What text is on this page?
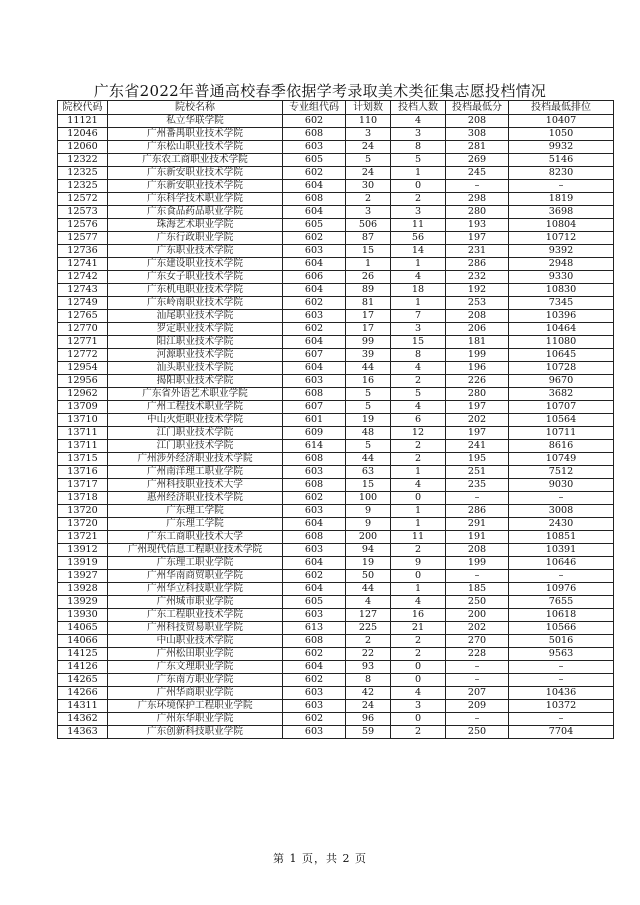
广东省2022年普通高校春季依据学考录取美术类征集志愿投档情况
院校代码	院校名称	专业组代码	计划数	投档人数	投档最低分	投档最低排位
11121	私立华联学院	602	110	4	208	10407
12046	广州番禺职业技术学院	608	3	3	308	1050
12060	广东松山职业技术学院	603	24	8	281	9932
12322	广东农工商职业技术学院	605	5	5	269	5146
12325	广东新安职业技术学院	602	24	1	245	8230
12325	广东新安职业技术学院	604	30	0	–	–
12572	广东科学技术职业学院	608	2	2	298	1819
12573	广东食品药品职业学院	604	3	3	280	3698
12576	珠海艺术职业学院	605	506	11	193	10804
12577	广东行政职业学院	602	87	56	197	10712
12736	广东职业技术学院	603	15	14	231	9392
12741	广东建设职业技术学院	604	1	1	286	2948
12742	广东女子职业技术学院	606	26	4	232	9330
12743	广东机电职业技术学院	604	89	18	192	10830
12749	广东岭南职业技术学院	602	81	1	253	7345
12765	汕尾职业技术学院	603	17	7	208	10396
12770	罗定职业技术学院	602	17	3	206	10464
12771	阳江职业技术学院	604	99	15	181	11080
12772	河源职业技术学院	607	39	8	199	10645
12954	汕头职业技术学院	604	44	4	196	10728
12956	揭阳职业技术学院	603	16	2	226	9670
12962	广东省外语艺术职业学院	608	5	5	280	3682
13709	广州工程技术职业学院	607	5	4	197	10707
13710	中山火炬职业技术学院	601	19	6	202	10564
13711	江门职业技术学院	609	48	12	197	10711
13711	江门职业技术学院	614	5	2	241	8616
13715	广州涉外经济职业技术学院	608	44	2	195	10749
13716	广州南洋理工职业学院	603	63	1	251	7512
13717	广州科技职业技术大学	608	15	4	235	9030
13718	惠州经济职业技术学院	602	100	0	–	–
13720	广东理工学院	603	9	1	286	3008
13720	广东理工学院	604	9	1	291	2430
13721	广东工商职业技术大学	608	200	11	191	10851
13912	广州现代信息工程职业技术学院	603	94	2	208	10391
13919	广东理工职业学院	604	19	9	199	10646
13927	广州华南商贸职业学院	602	50	0	–	–
13928	广州华立科技职业学院	604	44	1	185	10976
13929	广州城市职业学院	605	4	4	250	7655
13930	广东工程职业技术学院	603	127	16	200	10618
14065	广州科技贸易职业学院	613	225	21	202	10566
14066	中山职业技术学院	608	2	2	270	5016
14125	广州松田职业学院	602	22	2	228	9563
14126	广东文理职业学院	604	93	0	–	–
14265	广东南方职业学院	602	8	0	–	–
14266	广州华商职业学院	603	42	4	207	10436
14311	广东环境保护工程职业学院	603	24	3	209	10372
14362	广州东华职业学院	602	96	0	–	–
14363	广东创新科技职业学院	603	59	2	250	7704
第 1 页，共 2 页
